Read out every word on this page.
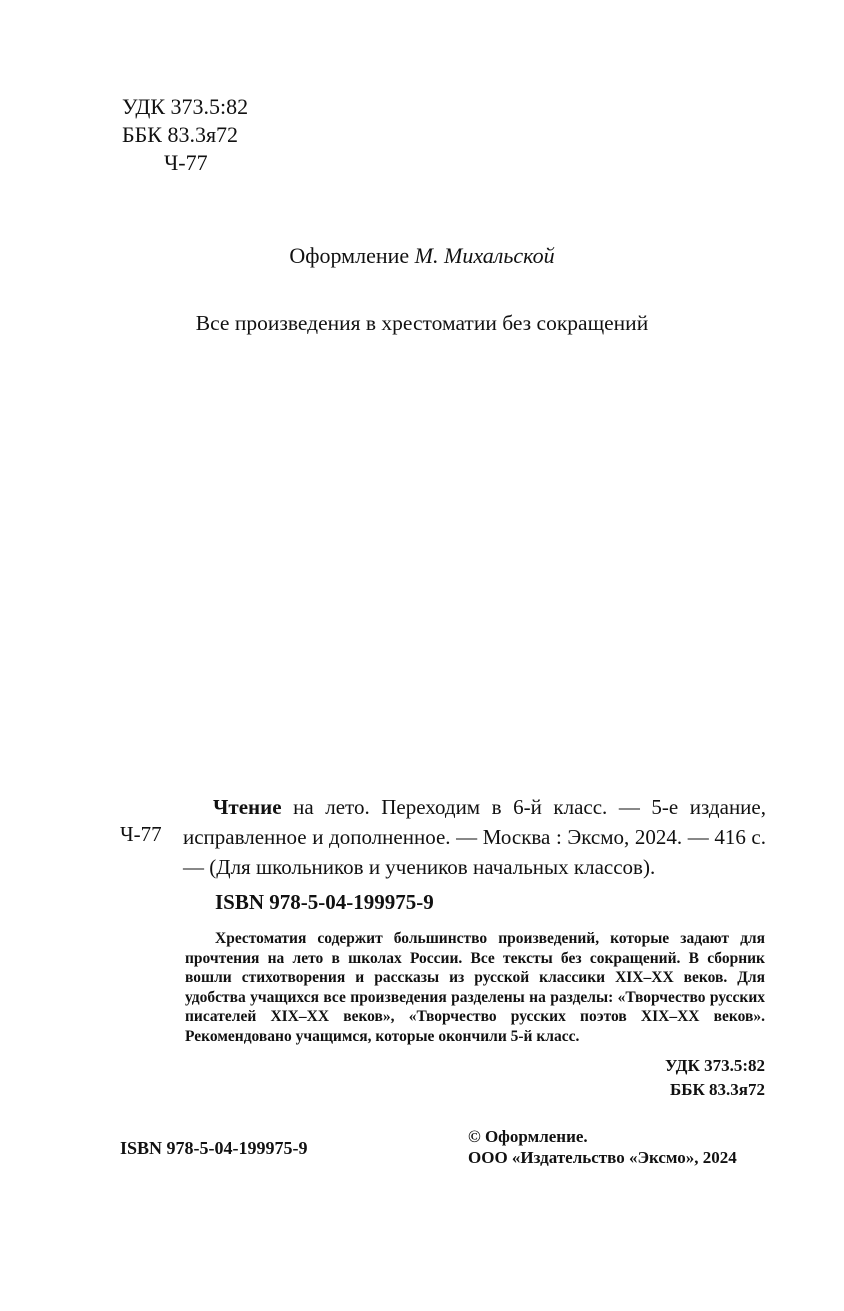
УДК 373.5:82
ББК 83.3я72
Ч-77
Оформление М. Михальской
Все произведения в хрестоматии без сокращений
Ч-77

Чтение на лето. Переходим в 6-й класс. — 5-е издание, исправленное и дополненное. — Москва : Эксмо, 2024. — 416 с. — (Для школьников и учеников начальных классов).

ISBN 978-5-04-199975-9

Хрестоматия содержит большинство произведений, которые задают для прочтения на лето в школах России. Все тексты без сокращений. В сборник вошли стихотворения и рассказы из русской классики XIX–XX веков. Для удобства учащихся все произведения разделены на разделы: «Творчество русских писателей XIX–XX веков», «Творчество русских поэтов XIX–XX веков». Рекомендовано учащимся, которые окончили 5-й класс.

УДК 373.5:82
ББК 83.3я72
ISBN 978-5-04-199975-9
© Оформление.
ООО «Издательство «Эксмо», 2024
